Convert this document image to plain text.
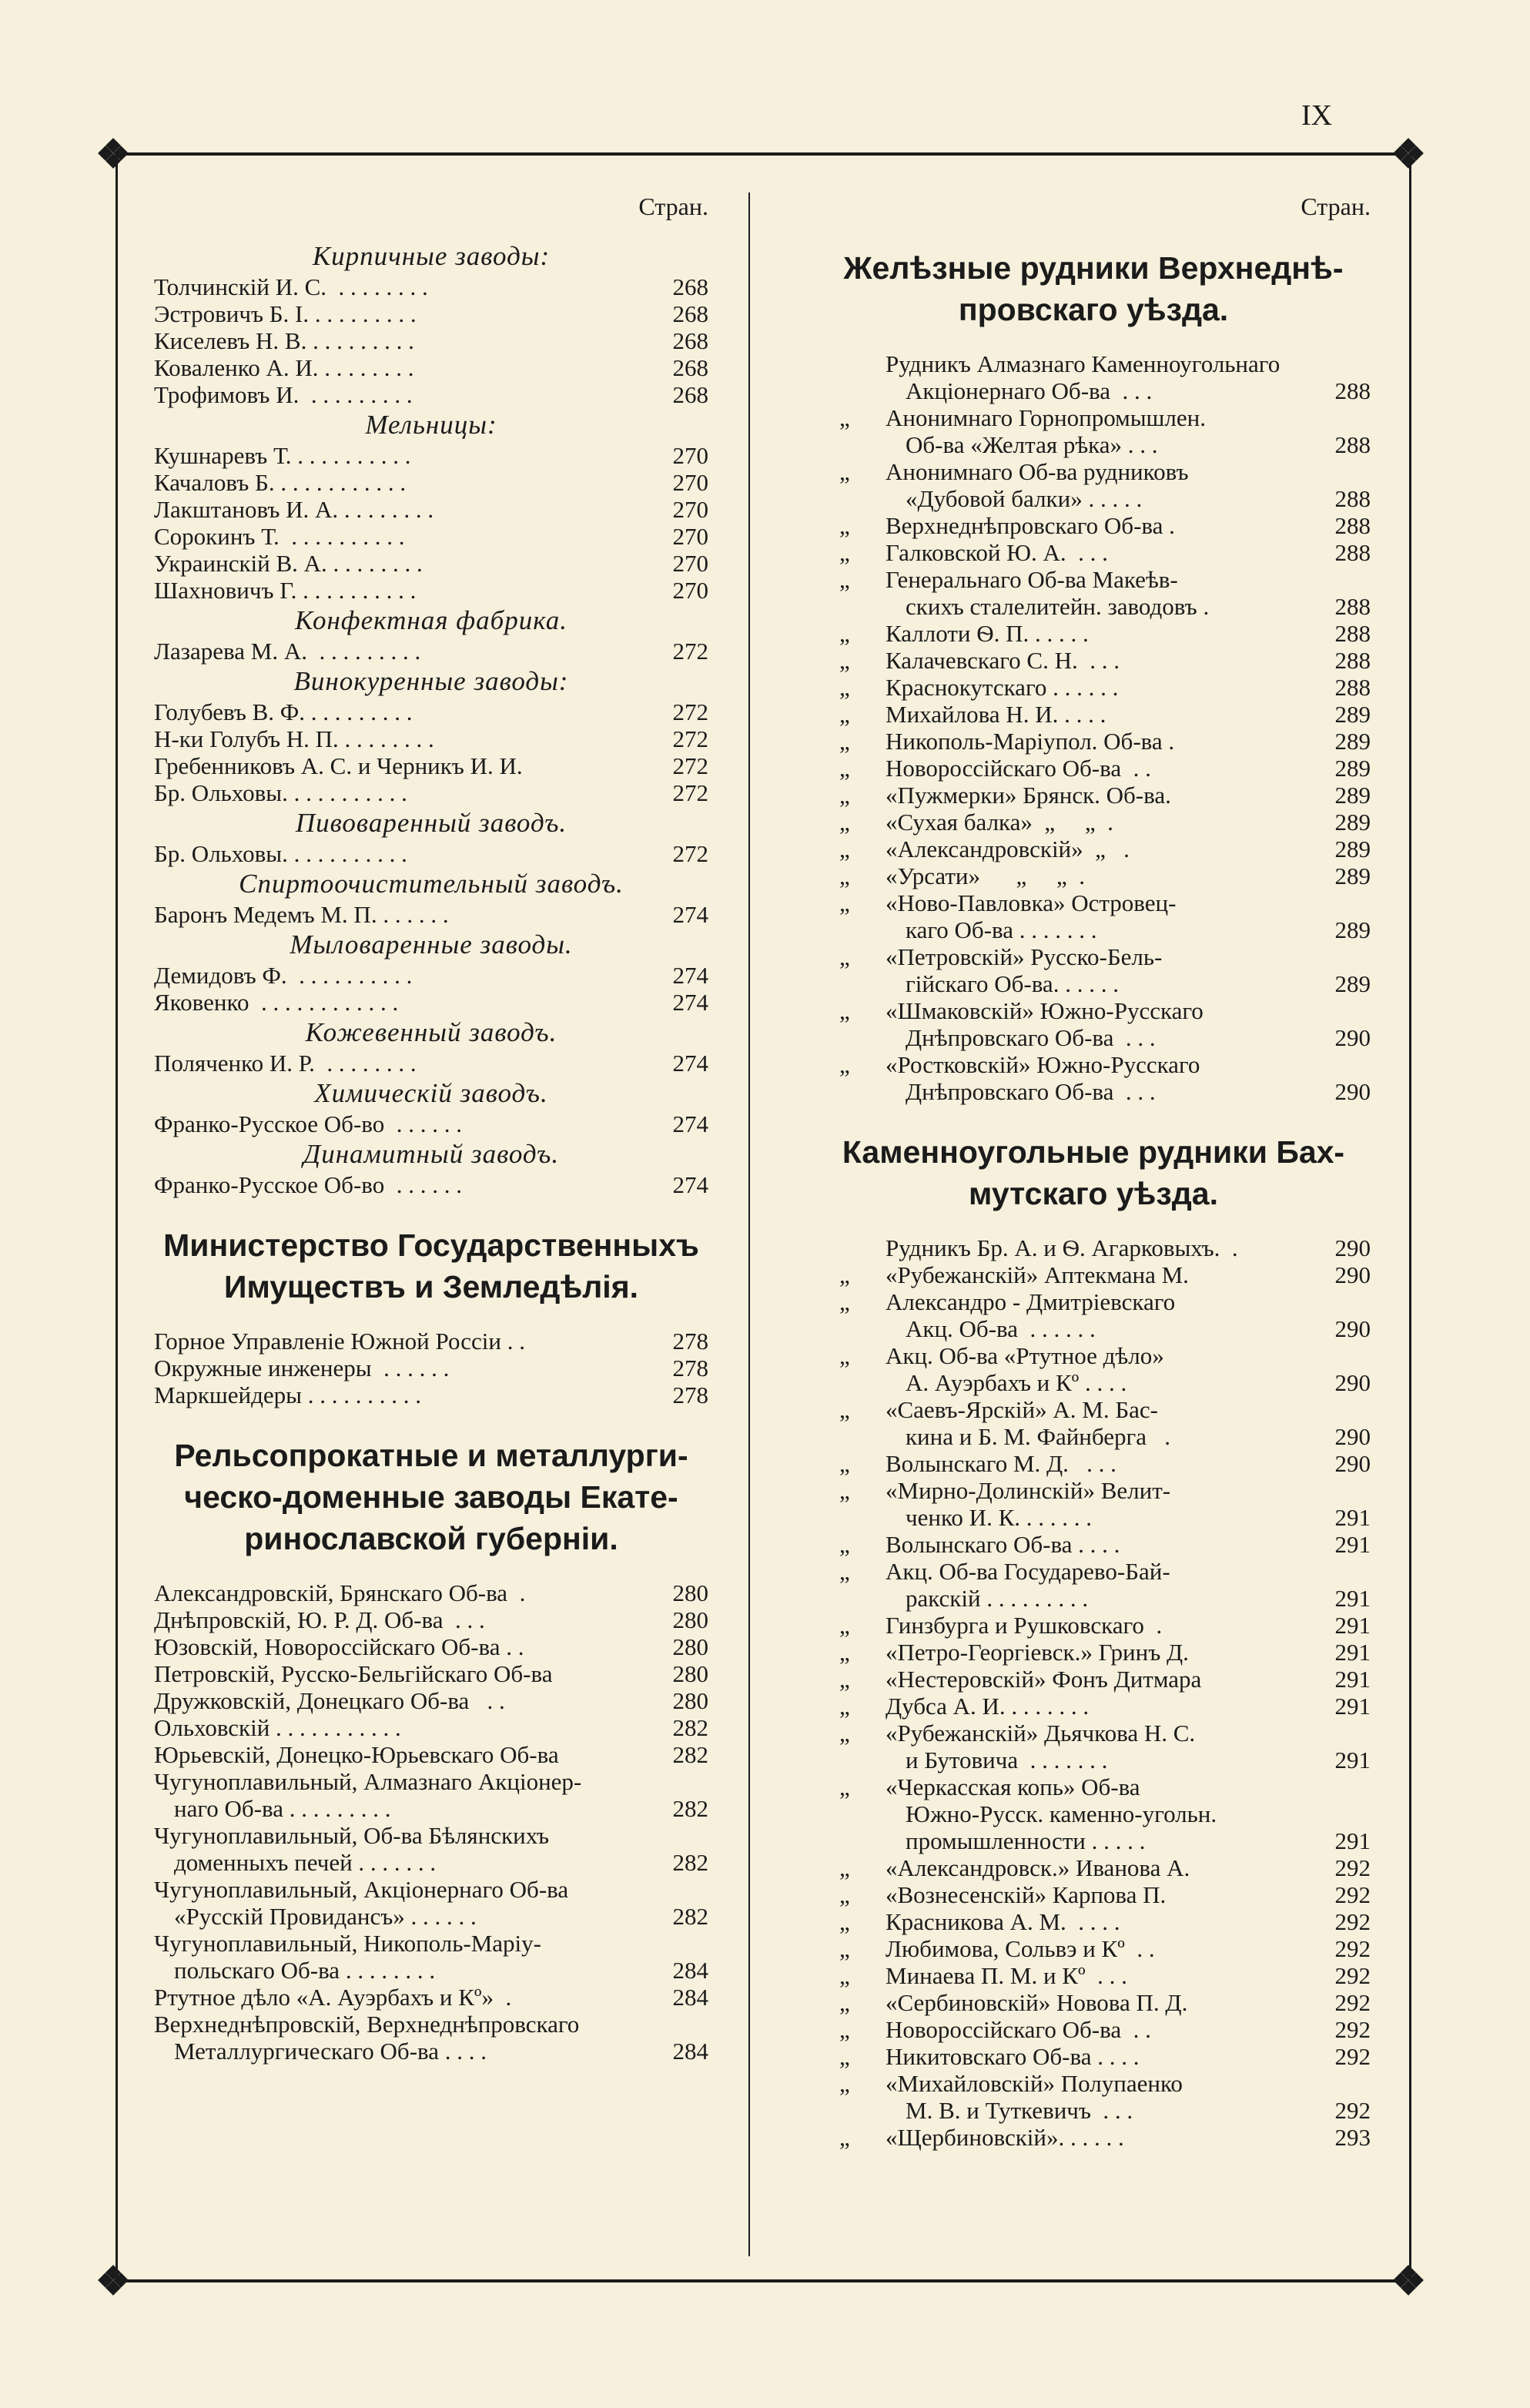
IX
Стран.
Кирпичные заводы:
Толчинскій И. С.  . . . . . . . .	268
Эстровичъ Б. І. . . . . . . . . .	268
Киселевъ Н. В. . . . . . . . . .	268
Коваленко А. И. . . . . . . . .	268
Трофимовъ И.  . . . . . . . . .	268
Мельницы:
Кушнаревъ Т. . . . . . . . . . .	270
Качаловъ Б. . . . . . . . . . . .	270
Лакштановъ И. А. . . . . . . . .	270
Сорокинъ Т.  . . . . . . . . . .	270
Украинскій В. А. . . . . . . . .	270
Шахновичъ Г. . . . . . . . . . .	270
Конфектная фабрика.
Лазарева М. А.  . . . . . . . . .	272
Винокуренные заводы:
Голубевъ В. Ф. . . . . . . . . .	272
Н-ки Голубъ Н. П. . . . . . . . .	272
Гребенниковъ А. С. и Черникъ И. И.	272
Бр. Ольховы. . . . . . . . . . .	272
Пивоваренный заводъ.
Бр. Ольховы. . . . . . . . . . .	272
Спиртоочистительный заводъ.
Баронъ Медемъ М. П. . . . . . .	274
Мыловаренные заводы.
Демидовъ Ф.  . . . . . . . . . .	274
Яковенко  . . . . . . . . . . . .	274
Кожевенный заводъ.
Поляченко И. Р.  . . . . . . . .	274
Химическій заводъ.
Франко-Русское Об-во  . . . . . .	274
Динамитный заводъ.
Франко-Русское Об-во  . . . . . .	274
Министерство Государственныхъ
Имуществъ и Земледѣлія.
Горное Управленіе Южной Россіи . .	278
Окружные инженеры  . . . . . .	278
Маркшейдеры . . . . . . . . . .	278
Рельсопрокатные и металлурги-
ческо-доменные заводы Екате-
ринославской губерніи.
Александровскій, Брянскаго Об-ва  .	280
Днѣпровскій, Ю. Р. Д. Об-ва  . . .	280
Юзовскій, Новороссійскаго Об-ва . .	280
Петровскій, Русско-Бельгійскаго Об-ва	280
Дружковскій, Донецкаго Об-ва   . .	280
Ольховскій . . . . . . . . . . .	282
Юрьевскій, Донецко-Юрьевскаго Об-ва	282
Чугуноплавильный, Алмазнаго Акціонер-
наго Об-ва . . . . . . . . .	282
Чугуноплавильный, Об-ва Бѣлянскихъ
доменныхъ печей . . . . . . .	282
Чугуноплавильный, Акціонернаго Об-ва
«Русскій Провидансъ» . . . . . .	282
Чугуноплавильный, Никополь-Маріу-
польскаго Об-ва . . . . . . . .	284
Ртутное дѣло «А. Ауэрбахъ и Кº»  .	284
Верхнеднѣпровскій, Верхнеднѣпровскаго
Металлургическаго Об-ва . . . .	284
Стран.
Желѣзные рудники Верхнеднѣ-
провскаго уѣзда.
Рудникъ Алмазнаго Каменноугольнаго
Акціонернаго Об-ва  . . .	288
„	Анонимнаго Горнопромышлен.
Об-ва «Желтая рѣка» . . .	288
„	Анонимнаго Об-ва рудниковъ
«Дубовой балки» . . . . .	288
„	Верхнеднѣпровскаго Об-ва .	288
„	Галковской Ю. А.  . . .	288
„	Генеральнаго Об-ва Макеѣв-
скихъ сталелитейн. заводовъ .	288
„	Каллоти Ѳ. П. . . . . .	288
„	Калачевскаго С. Н.  . . .	288
„	Краснокутскаго . . . . . .	288
„	Михайлова Н. И. . . . .	289
„	Никополь-Маріупол. Об-ва .	289
„	Новороссійскаго Об-ва  . .	289
„	«Пужмерки» Брянск. Об-ва.	289
„	«Сухая балка»  „     „  .	289
„	«Александровскій»  „   .	289
„	«Урсати»      „     „  .	289
„	«Ново-Павловка» Островец-
каго Об-ва . . . . . . .	289
„	«Петровскій» Русско-Бель-
гійскаго Об-ва. . . . . .	289
„	«Шмаковскій» Южно-Русскаго
Днѣпровскаго Об-ва  . . .	290
„	«Ростковскій» Южно-Русскаго
Днѣпровскаго Об-ва  . . .	290
Каменноугольные рудники Бах-
мутскаго уѣзда.
Рудникъ Бр. А. и Ѳ. Агарковыхъ.  .	290
„	«Рубежанскій» Аптекмана М.	290
„	Александро - Дмитріевскаго
Акц. Об-ва  . . . . . .	290
„	Акц. Об-ва «Ртутное дѣло»
А. Ауэрбахъ и Кº . . . .	290
„	«Саевъ-Ярскій» А. М. Бас-
кина и Б. М. Файнберга   .	290
„	Волынскаго М. Д.   . . .	290
„	«Мирно-Долинскій» Велит-
ченко И. К. . . . . . .	291
„	Волынскаго Об-ва . . . .	291
„	Акц. Об-ва Государево-Бай-
ракскій . . . . . . . . .	291
„	Гинзбурга и Рушковскаго  .	291
„	«Петро-Георгіевск.» Гринъ Д.	291
„	«Нестеровскій» Фонъ Дитмара	291
„	Дубса А. И. . . . . . . .	291
„	«Рубежанскій» Дьячкова Н. С.
и Бутовича  . . . . . . .	291
„	«Черкасская копь» Об-ва
Южно-Русск. каменно-угольн.
промышленности . . . . .	291
„	«Александровск.» Иванова А.	292
„	«Вознесенскій» Карпова П.	292
„	Красникова А. М.  . . . .	292
„	Любимова, Сольвэ и Кº  . .	292
„	Минаева П. М. и Кº  . . .	292
„	«Сербиновскій» Новова П. Д.	292
„	Новороссійскаго Об-ва  . .	292
„	Никитовскаго Об-ва . . . .	292
„	«Михайловскій» Полупаенко
М. В. и Туткевичъ  . . .	292
„	«Щербиновскій». . . . . .	293
